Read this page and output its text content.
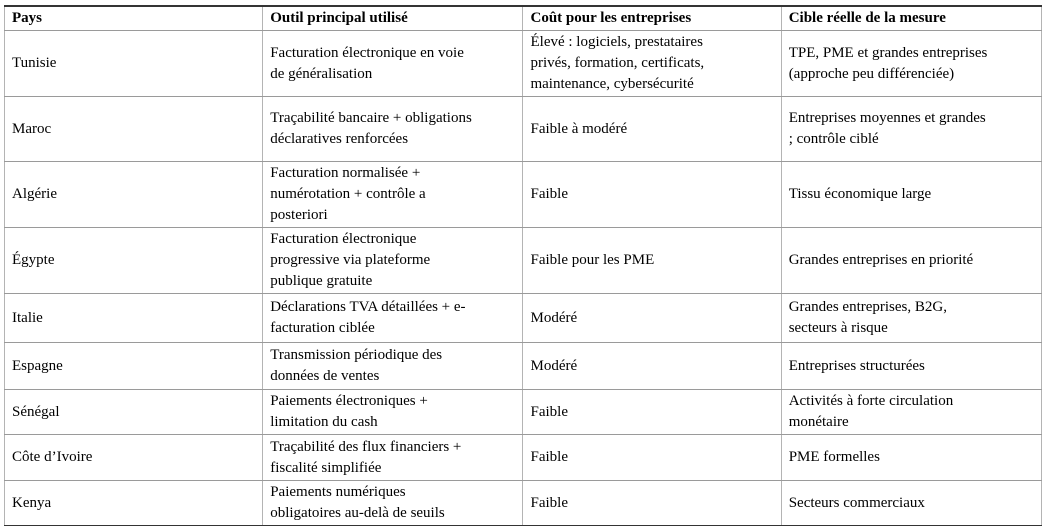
Pays	Outil principal utilisé	Coût pour les entreprises	Cible réelle de la mesure

Tunisie	Facturation électronique en voie de généralisation	Élevé : logiciels, prestataires privés, formation, certificats, maintenance, cybersécurité	TPE, PME et grandes entreprises (approche peu différenciée)

Maroc	Traçabilité bancaire + obligations déclaratives renforcées	Faible à modéré	Entreprises moyennes et grandes ; contrôle ciblé

Algérie	Facturation normalisée + numérotation + contrôle a posteriori	Faible	Tissu économique large

Égypte	Facturation électronique progressive via plateforme publique gratuite	Faible pour les PME	Grandes entreprises en priorité

Italie	Déclarations TVA détaillées + e-facturation ciblée	Modéré	Grandes entreprises, B2G, secteurs à risque

Espagne	Transmission périodique des données de ventes	Modéré	Entreprises structurées

Sénégal	Paiements électroniques + limitation du cash	Faible	Activités à forte circulation monétaire

Côte d’Ivoire	Traçabilité des flux financiers + fiscalité simplifiée	Faible	PME formelles

Kenya	Paiements numériques obligatoires au-delà de seuils	Faible	Secteurs commerciaux
